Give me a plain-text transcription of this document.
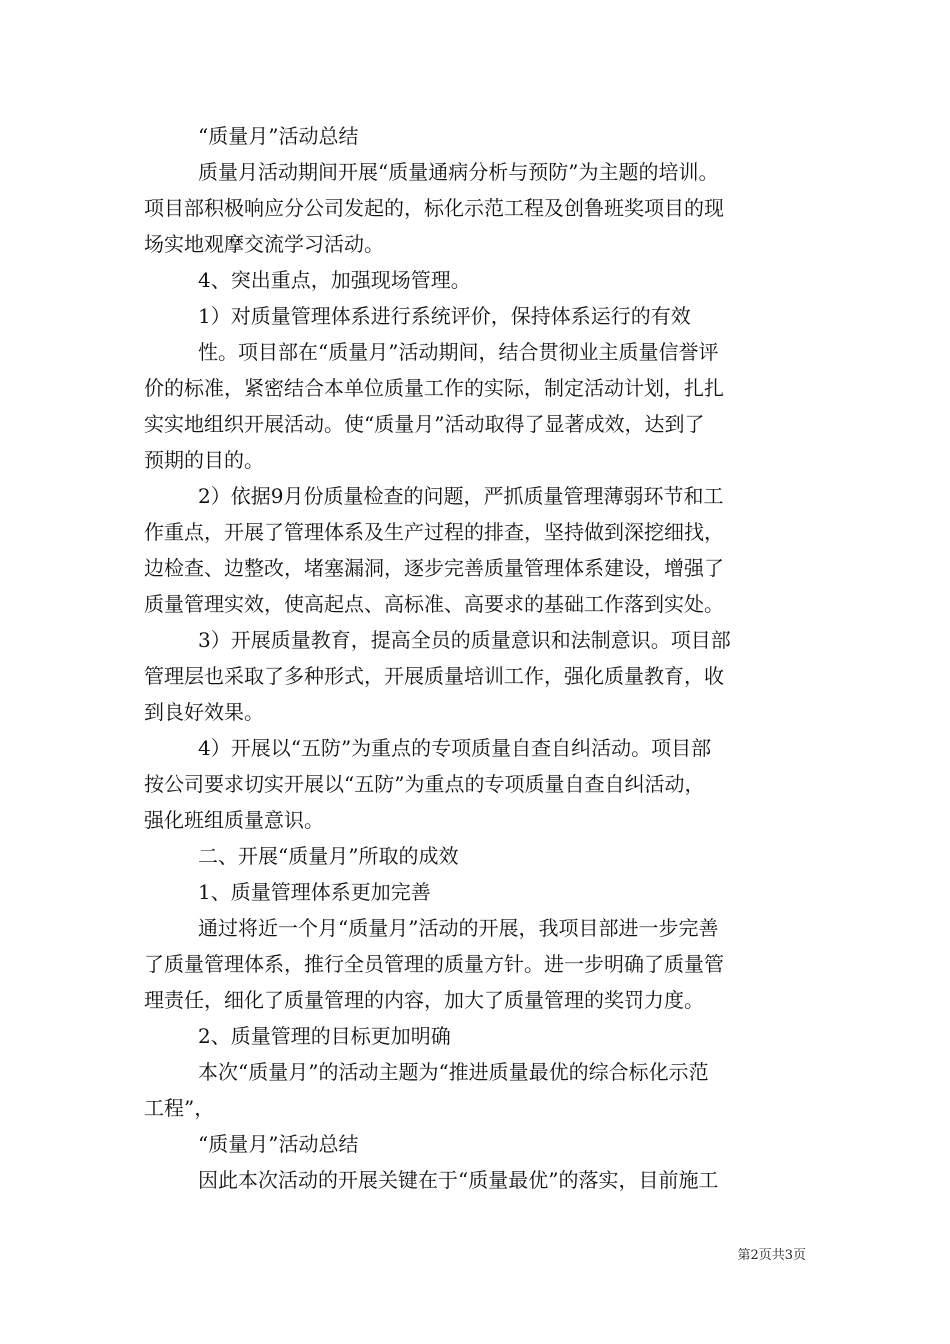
“质量月”活动总结

质量月活动期间开展“质量通病分析与预防”为主题的培训。

项目部积极响应分公司发起的，标化示范工程及创鲁班奖项目的现

场实地观摩交流学习活动。

4、突出重点，加强现场管理。

1）对质量管理体系进行系统评价，保持体系运行的有效

性。项目部在“质量月”活动期间，结合贯彻业主质量信誉评

价的标准，紧密结合本单位质量工作的实际，制定活动计划，扎扎

实实地组织开展活动。使“质量月”活动取得了显著成效，达到了

预期的目的。

2）依据9月份质量检查的问题，严抓质量管理薄弱环节和工

作重点，开展了管理体系及生产过程的排查，坚持做到深挖细找，

边检查、边整改，堵塞漏洞，逐步完善质量管理体系建设，增强了

质量管理实效，使高起点、高标准、高要求的基础工作落到实处。

3）开展质量教育，提高全员的质量意识和法制意识。项目部

管理层也采取了多种形式，开展质量培训工作，强化质量教育，收

到良好效果。

4）开展以“五防”为重点的专项质量自查自纠活动。项目部

按公司要求切实开展以“五防”为重点的专项质量自查自纠活动，

强化班组质量意识。

二、开展“质量月”所取的成效

1、质量管理体系更加完善

通过将近一个月“质量月”活动的开展，我项目部进一步完善

了质量管理体系，推行全员管理的质量方针。进一步明确了质量管

理责任，细化了质量管理的内容，加大了质量管理的奖罚力度。

2、质量管理的目标更加明确

本次“质量月”的活动主题为“推进质量最优的综合标化示范

工程”，

“质量月”活动总结

因此本次活动的开展关键在于“质量最优”的落实，目前施工

第2页共3页
